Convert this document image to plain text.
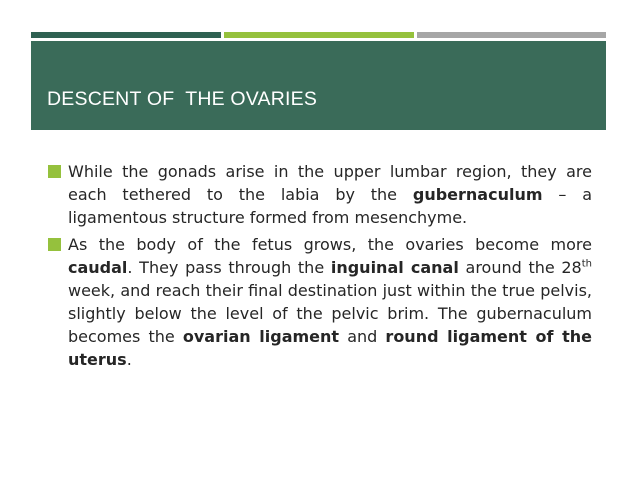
DESCENT OF  THE OVARIES
While the gonads arise in the upper lumbar region, they are each tethered to the labia by the gubernaculum – a ligamentous structure formed from mesenchyme.
As the body of the fetus grows, the ovaries become more caudal. They pass through the inguinal canal around the 28th week, and reach their final destination just within the true pelvis, slightly below the level of the pelvic brim. The gubernaculum becomes the ovarian ligament and round ligament of the uterus.
